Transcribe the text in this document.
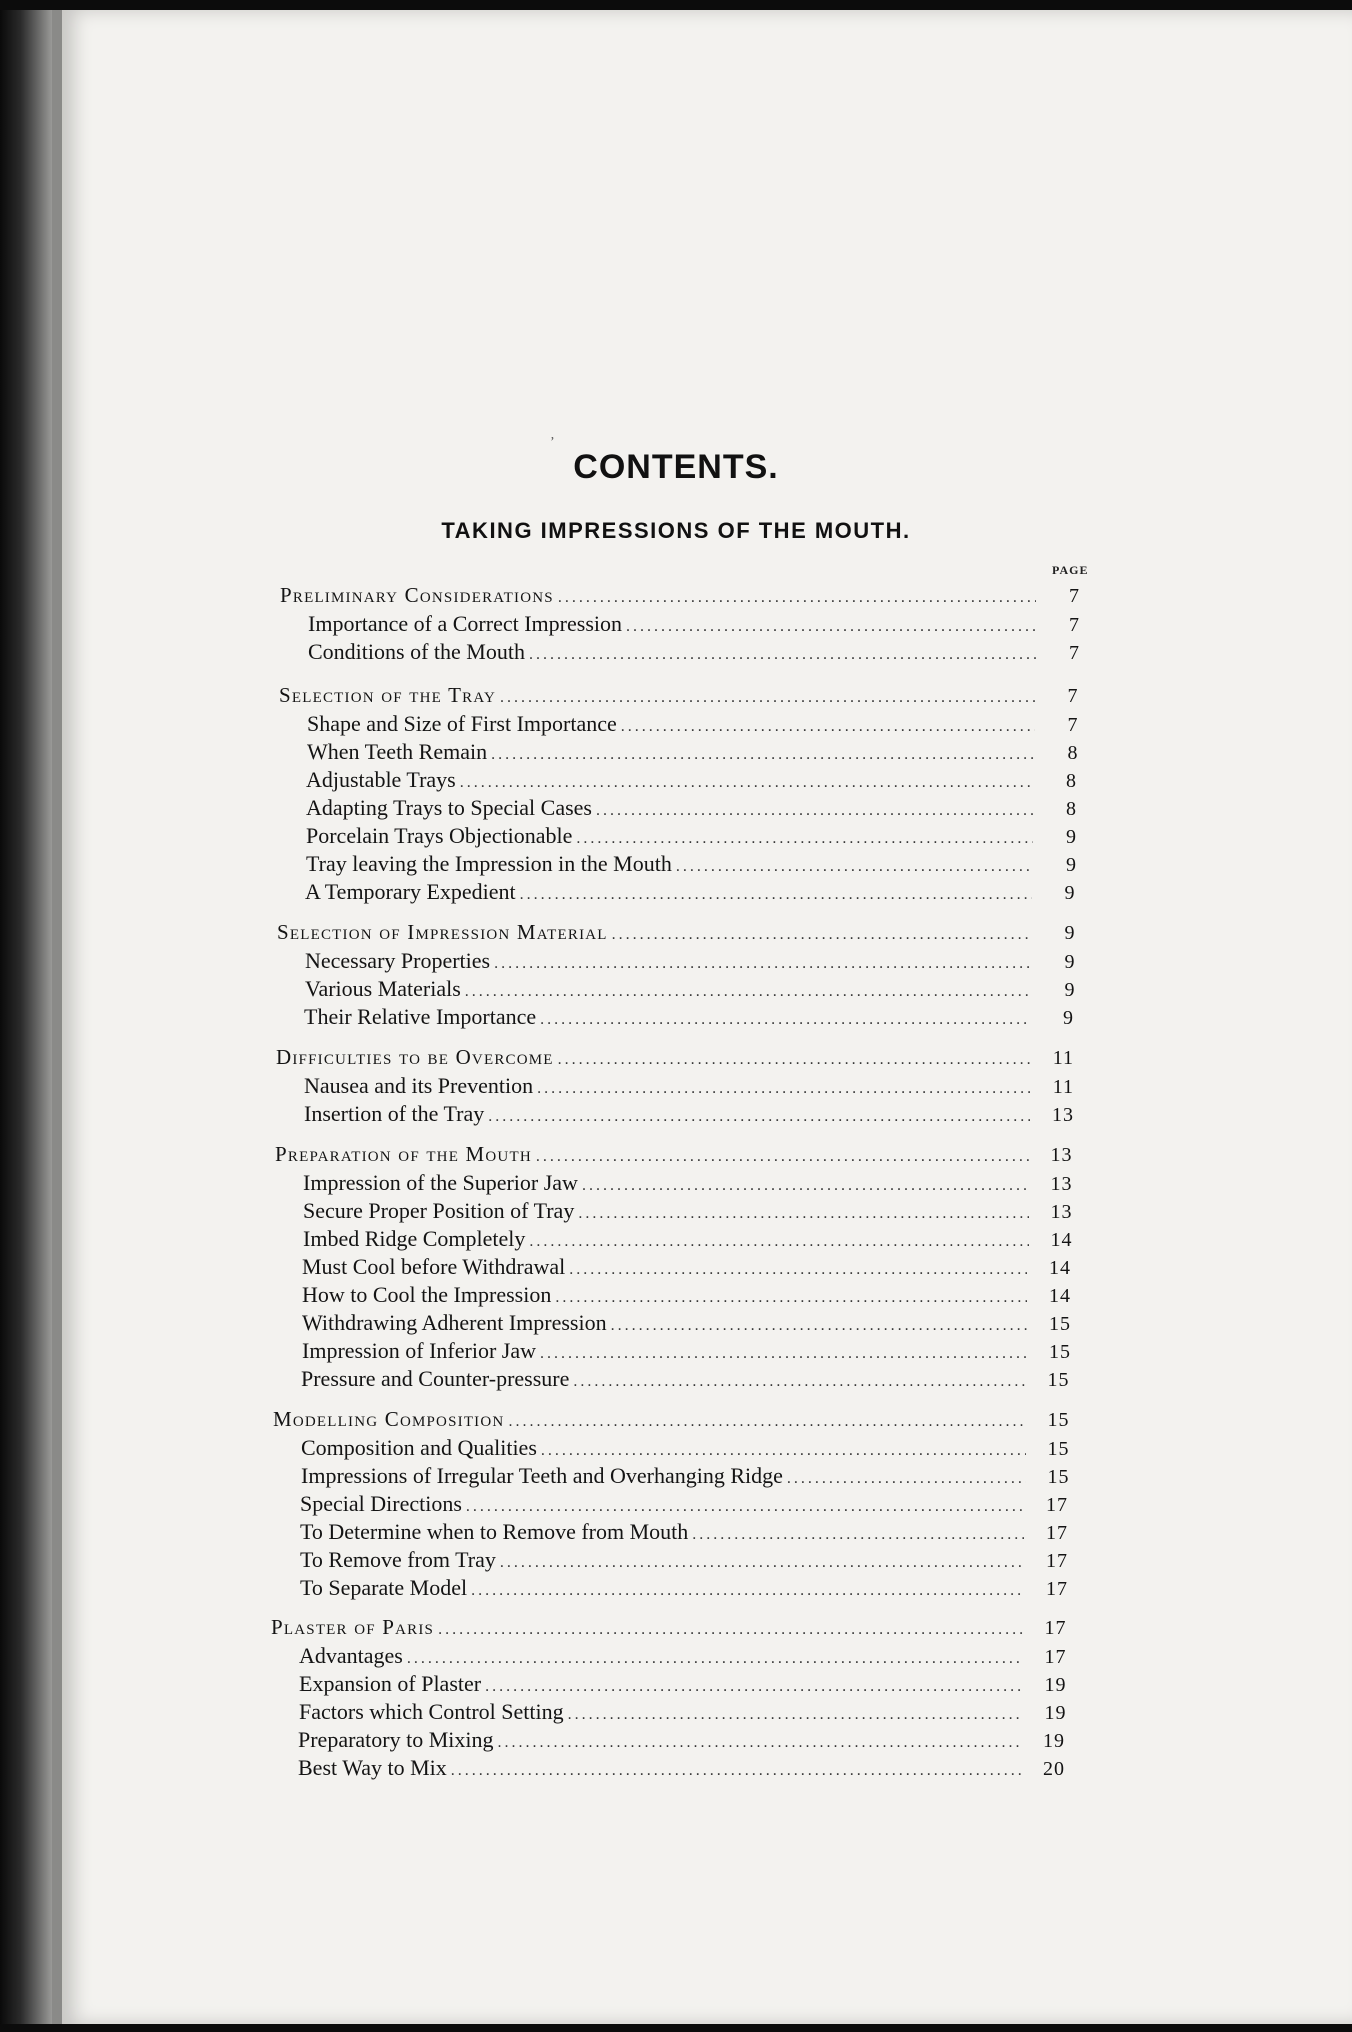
ʼ
CONTENTS.
TAKING IMPRESSIONS OF THE MOUTH.
PAGE
Preliminary Considerations .....	7
Importance of a Correct Impression .....	7
Conditions of the Mouth .....	7
Selection of the Tray .....	7
Shape and Size of First Importance .....	7
When Teeth Remain .....	8
Adjustable Trays .....	8
Adapting Trays to Special Cases .....	8
Porcelain Trays Objectionable .....	9
Tray leaving the Impression in the Mouth .....	9
A Temporary Expedient .....	9
Selection of Impression Material .....	9
Necessary Properties .....	9
Various Materials .....	9
Their Relative Importance .....	9
Difficulties to be Overcome .....	11
Nausea and its Prevention .....	11
Insertion of the Tray .....	13
Preparation of the Mouth .....	13
Impression of the Superior Jaw .....	13
Secure Proper Position of Tray .....	13
Imbed Ridge Completely .....	14
Must Cool before Withdrawal .....	14
How to Cool the Impression .....	14
Withdrawing Adherent Impression .....	15
Impression of Inferior Jaw .....	15
Pressure and Counter-pressure .....	15
Modelling Composition .....	15
Composition and Qualities .....	15
Impressions of Irregular Teeth and Overhanging Ridge .....	15
Special Directions .....	17
To Determine when to Remove from Mouth .....	17
To Remove from Tray .....	17
To Separate Model .....	17
Plaster of Paris .....	17
Advantages .....	17
Expansion of Plaster .....	19
Factors which Control Setting .....	19
Preparatory to Mixing .....	19
Best Way to Mix .....	20
